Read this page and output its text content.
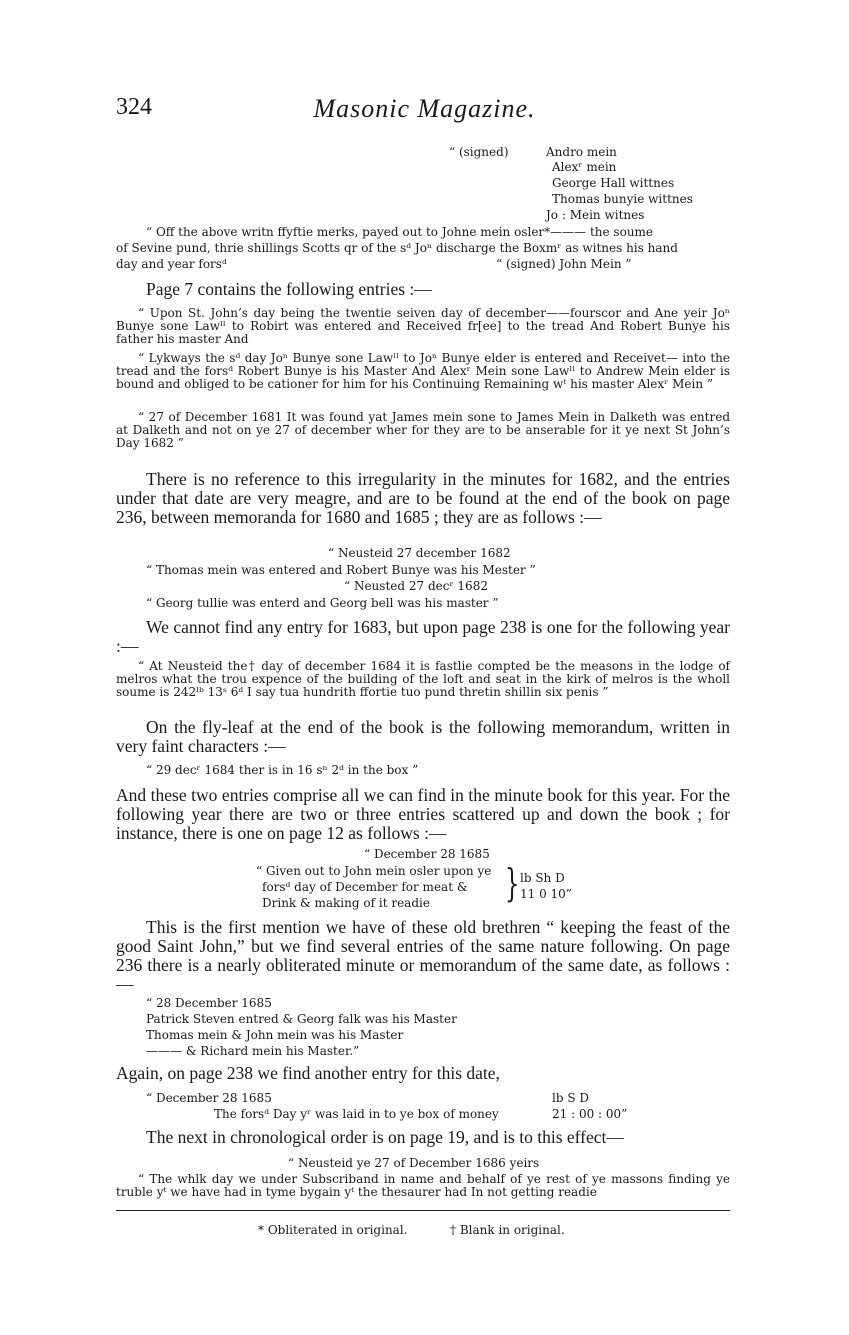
324	Masonic Magazine.
“ (signed)	Andro mein
Alexʳ mein
George Hall wittnes
Thomas bunyie wittnes
Jo : Mein witnes
“ Off the above writn ffyftie merks, payed out to Johne mein osler*——— the soume
of Sevine pund, thrie shillings Scotts qr of the sᵈ Joⁿ discharge the Boxmʳ as witnes his hand
day and year forsᵈ	“ (signed) John Mein ”
Page 7 contains the following entries :—
“ Upon St. John’s day being the twentie seiven day of december——fourscor and Ane yeir Joⁿ Bunye sone Lawˡˡ to Robirt was entered and Received fr[ee] to the tread And Robert Bunye his father his master And
“ Lykways the sᵈ day Joⁿ Bunye sone Lawˡˡ to Joⁿ Bunye elder is entered and Receivet— into the tread and the forsᵈ Robert Bunye is his Master And Alexʳ Mein sone Lawˡˡ to Andrew Mein elder is bound and obliged to be cationer for him for his Continuing Remaining wᵗ his master Alexʳ Mein ”
“ 27 of December 1681 It was found yat James mein sone to James Mein in Dalketh was entred at Dalketh and not on ye 27 of december wher for they are to be anserable for it ye next St John’s Day 1682 ”
There is no reference to this irregularity in the minutes for 1682, and the entries under that date are very meagre, and are to be found at the end of the book on page 236, between memoranda for 1680 and 1685 ; they are as follows :—
“ Neusteid 27 december 1682
“ Thomas mein was entered and Robert Bunye was his Mester ”
“ Neusted 27 decʳ 1682
“ Georg tullie was enterd and Georg bell was his master ”
We cannot find any entry for 1683, but upon page 238 is one for the following year :—
“ At Neusteid the† day of december 1684 it is fastlie compted be the measons in the lodge of melros what the trou expence of the building of the loft and seat in the kirk of melros is the wholl soume is 242ˡᵇ 13ˢ 6ᵈ I say tua hundrith ffortie tuo pund thretin shillin six penis ”
On the fly-leaf at the end of the book is the following memorandum, written in very faint characters :—
“ 29 decʳ 1684 ther is in 16 sⁿ 2ᵈ in the box ”
And these two entries comprise all we can find in the minute book for this year. For the following year there are two or three entries scattered up and down the book ; for instance, there is one on page 12 as follows :—
“ December 28 1685
“ Given out to John mein osler upon ye
forsᵈ day of December for meat &
Drink & making of it readie } lb Sh D
11 0 10”
This is the first mention we have of these old brethren “ keeping the feast of the good Saint John,” but we find several entries of the same nature following. On page 236 there is a nearly obliterated minute or memorandum of the same date, as follows :—
“ 28 December 1685
Patrick Steven entred & Georg falk was his Master
Thomas mein & John mein was his Master
——— & Richard mein his Master.”
Again, on page 238 we find another entry for this date,
“ December 28 1685	lb S D
The forsᵈ Day yʳ was laid in to ye box of money	21 : 00 : 00”
The next in chronological order is on page 19, and is to this effect—
“ Neusteid ye 27 of December 1686 yeirs
“ The whlk day we under Subscriband in name and behalf of ye rest of ye massons finding ye truble yᵗ we have had in tyme bygain yᵗ the thesaurer had In not getting readie
* Obliterated in original.	† Blank in original.
